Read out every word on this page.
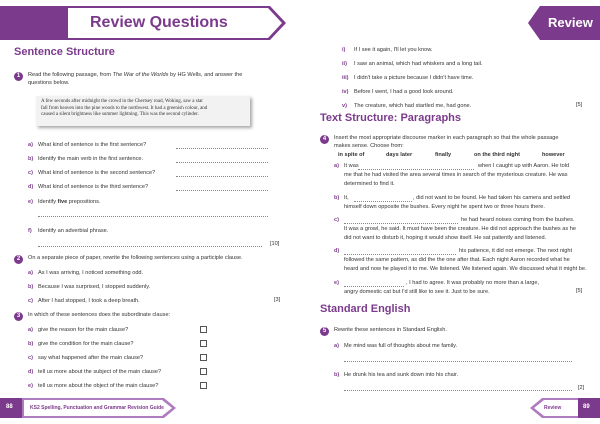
Review Questions	Review
Sentence Structure
1	Read the following passage, from The War of the Worlds by HG Wells, and answer the
questions below.
A few seconds after midnight the crowd in the Chertsey road, Woking, saw a star
fall from heaven into the pine woods to the northwest. It had a greenish colour, and
caused a silent brightness like summer lightning. This was the second cylinder.
a) What kind of sentence is the first sentence?
b) Identify the main verb in the first sentence.
c) What kind of sentence is the second sentence?
d) What kind of sentence is the third sentence?
e) Identify five prepositions.
f) Identify an adverbial phrase.
[10]
2	On a separate piece of paper, rewrite the following sentences using a participle clause.
a) As I was arriving, I noticed something odd.
b) Because I was surprised, I stopped suddenly.
c) After I had stopped, I took a deep breath.	[3]
3	In which of these sentences does the subordinate clause:
a) give the reason for the main clause?
b) give the condition for the main clause?
c) say what happened after the main clause?
d) tell us more about the subject of the main clause?
e) tell us more about the object of the main clause?
i) If I see it again, I'll let you know.
ii) I saw an animal, which had whiskers and a long tail.
iii) I didn't take a picture because I didn't have time.
iv) Before I went, I had a good look around.
v) The creature, which had startled me, had gone.	[5]
Text Structure: Paragraphs
4	Insert the most appropriate discourse marker in each paragraph so that the whole passage
makes sense. Choose from:
in spite of	days later	finally	on the third night	however
a) It was	when I caught up with Aaron. He told
me that he had visited the area several times in search of the mysterious creature. He was
determined to find it.
b) It,	, did not want to be found. He had taken his camera and settled
himself down opposite the bushes. Every night he spent two or three hours there.
c)	he had heard noises coming from the bushes.
It was a growl, he said. It must have been the creature. He did not approach the bushes as he
did not want to disturb it, hoping it would show itself. He sat patiently and listened.
d)	his patience, it did not emerge. The next night
followed the same pattern, as did the the one after that. Each night Aaron recorded what he
heard and now he played it to me. We listened. We listened again. We discussed what it might be.
e)	, I had to agree. It was probably no more than a large,
angry domestic cat but I'd still like to see it. Just to be sure.	[5]
Standard English
5	Rewrite these sentences in Standard English.
a) Me mind was full of thoughts about me family.
b) He drunk his tea and sunk down into his chair.
[2]
88	KS2 Spelling, Punctuation and Grammar Revision Guide	Review	89
